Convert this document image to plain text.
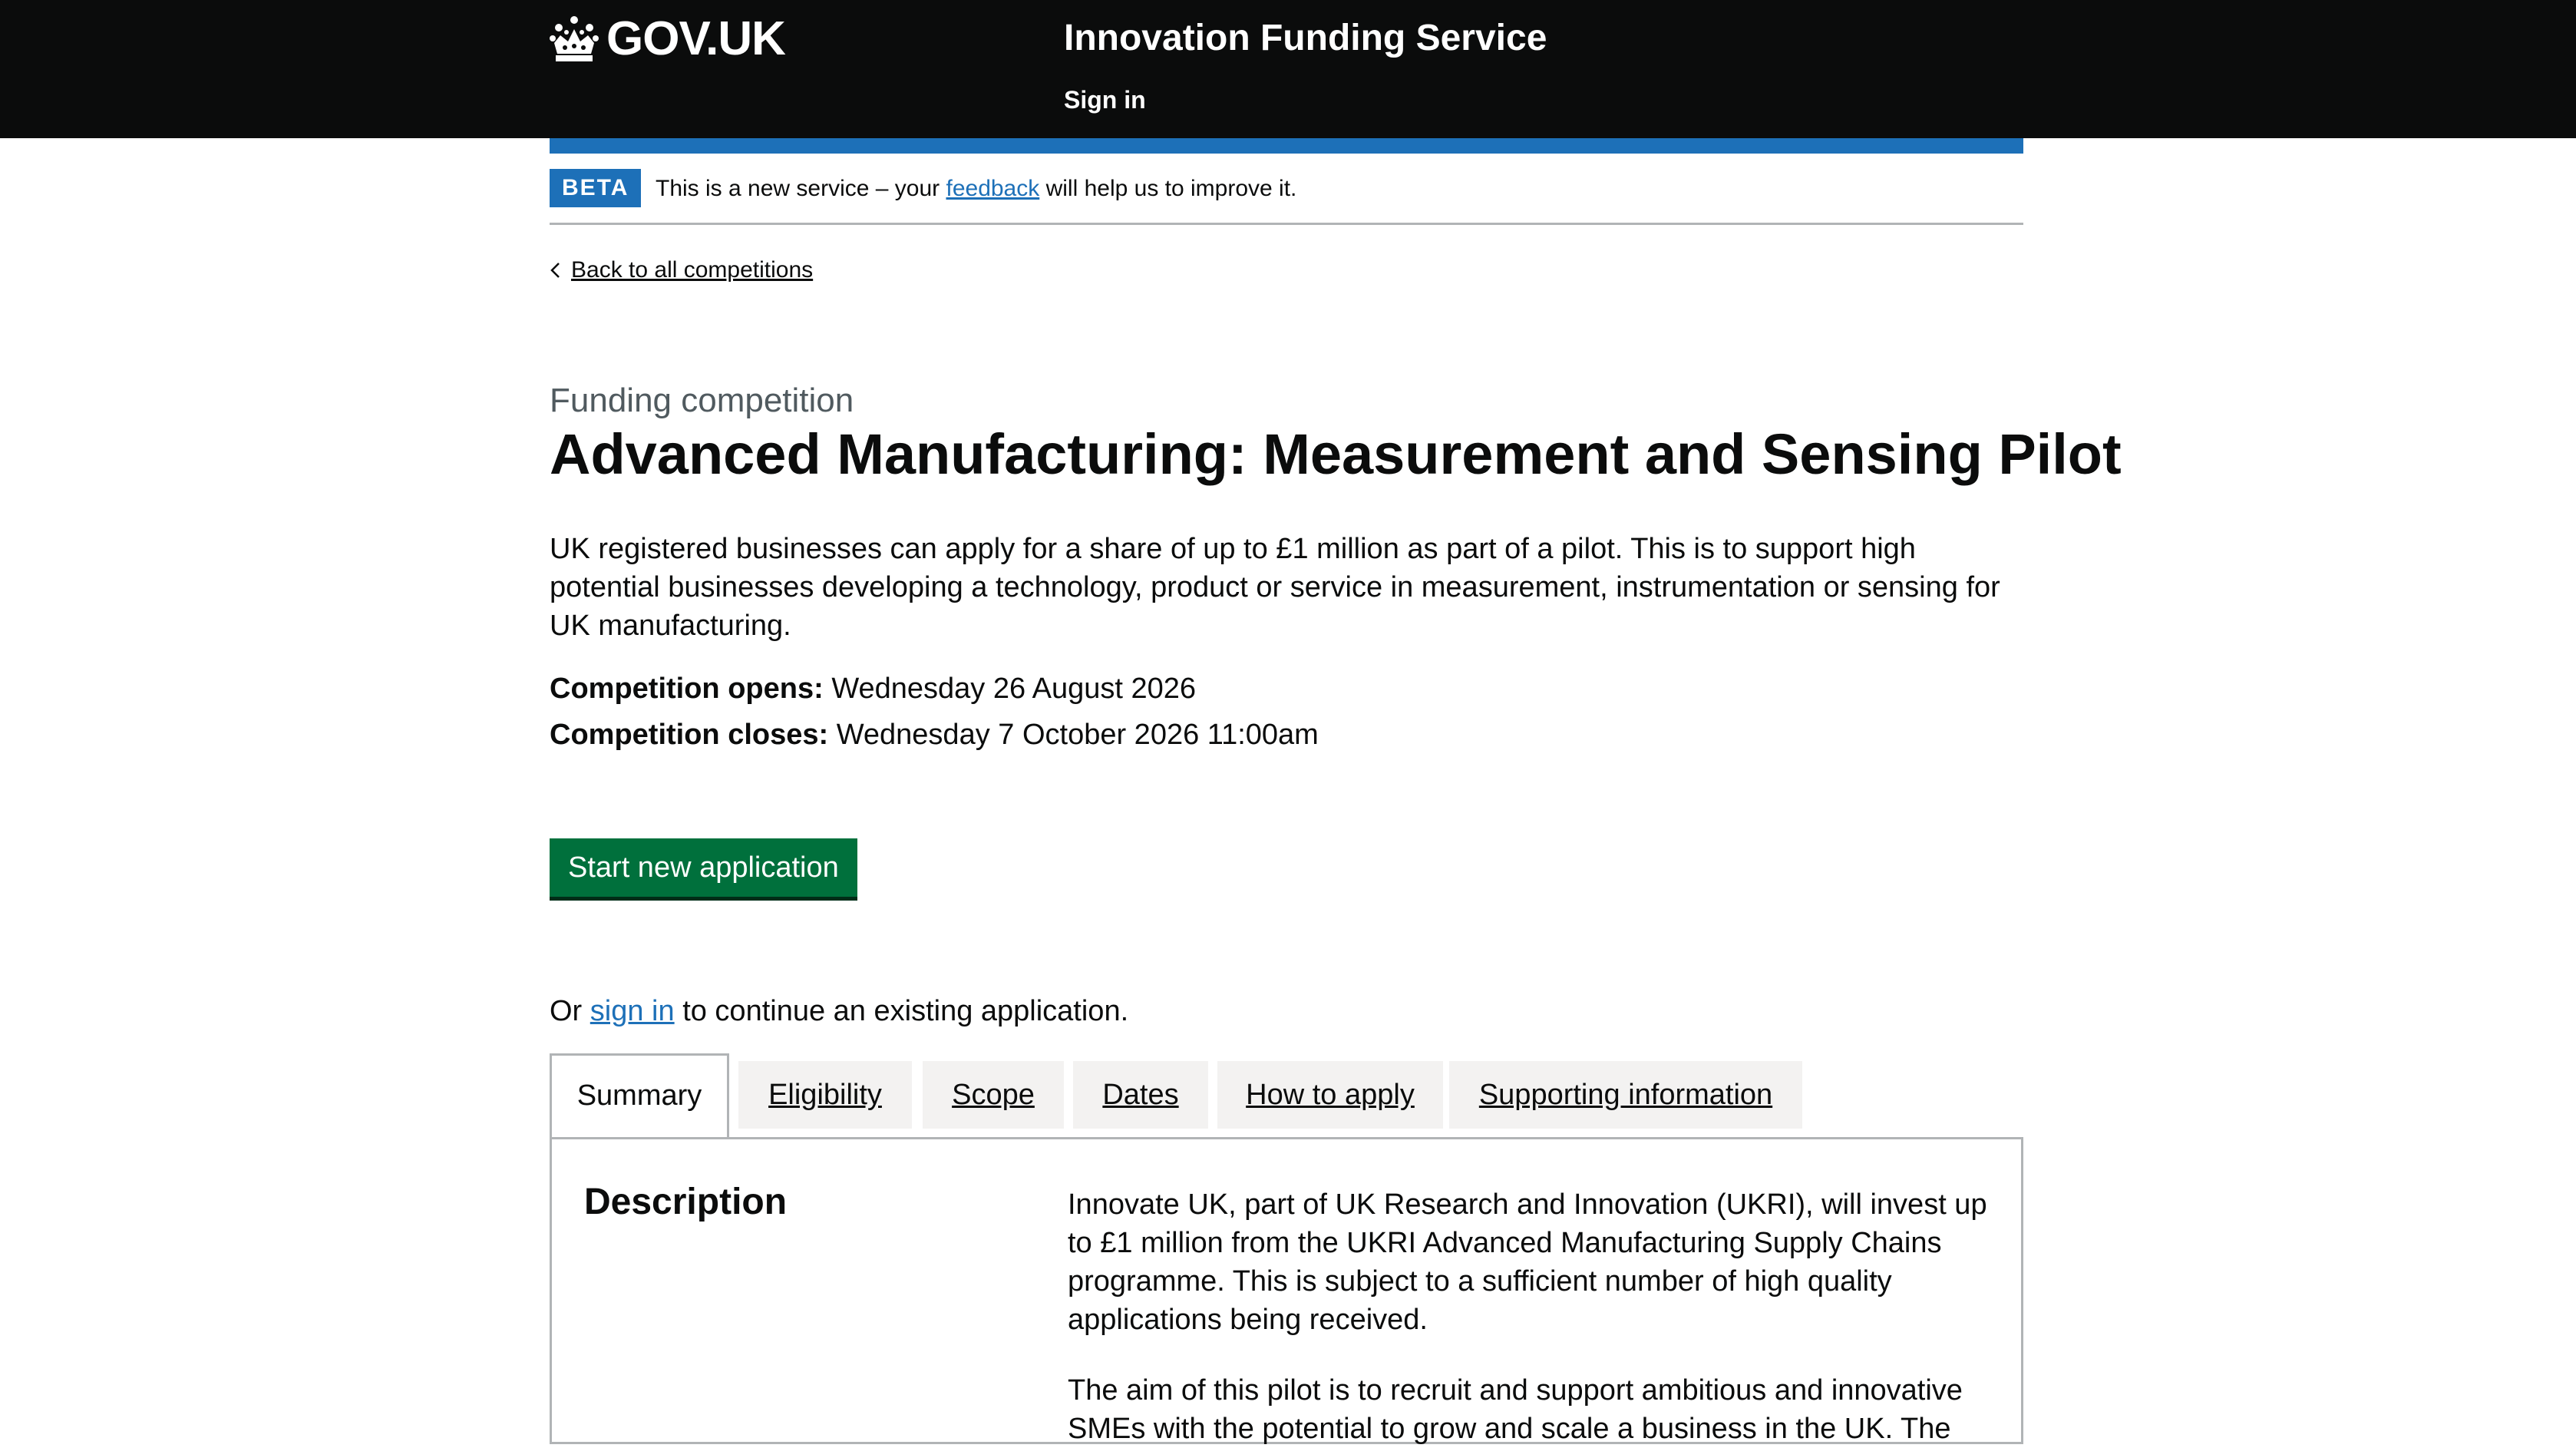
GOV.UK	Innovation Funding Service
Sign in
BETA	This is a new service – your feedback will help us to improve it.
Back to all competitions
Funding competition
Advanced Manufacturing: Measurement and Sensing Pilot

UK registered businesses can apply for a share of up to £1 million as part of a pilot. This is to support high potential businesses developing a technology, product or service in measurement, instrumentation or sensing for UK manufacturing.

Competition opens: Wednesday 26 August 2026
Competition closes: Wednesday 7 October 2026 11:00am
Start new application
Or sign in to continue an existing application.
Summary	Eligibility	Scope	Dates	How to apply	Supporting information
Description	Innovate UK, part of UK Research and Innovation (UKRI), will invest up to £1 million from the UKRI Advanced Manufacturing Supply Chains programme. This is subject to a sufficient number of high quality applications being received.

The aim of this pilot is to recruit and support ambitious and innovative SMEs with the potential to grow and scale a business in the UK. The
